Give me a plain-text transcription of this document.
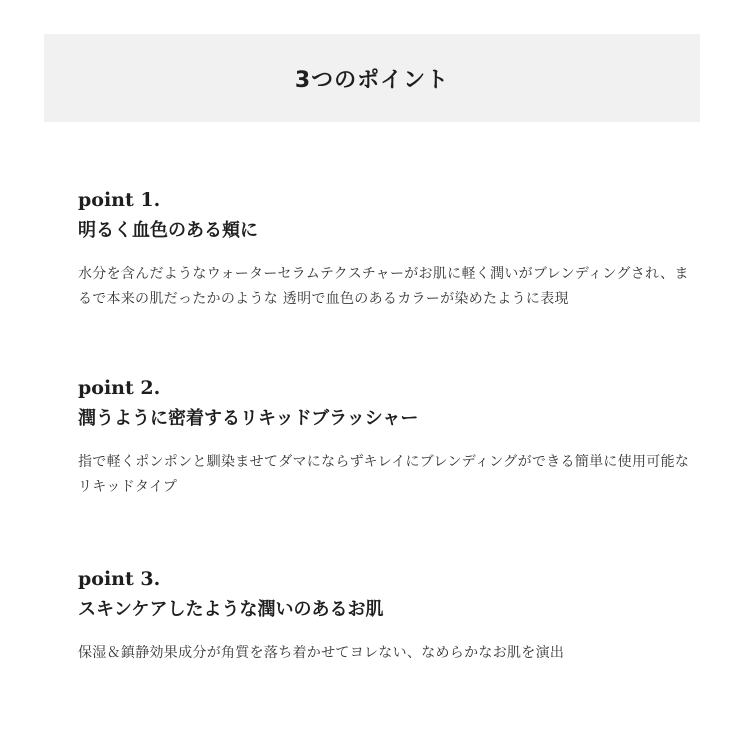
3つのポイント
point 1.
明るく血色のある頬に
水分を含んだようなウォーターセラムテクスチャーがお肌に軽く潤いがブレンディングされ、まるで本来の肌だったかのような 透明で血色のあるカラーが染めたように表現
point 2.
潤うように密着するリキッドブラッシャー
指で軽くポンポンと馴染ませてダマにならずキレイにブレンディングができる簡単に使用可能なリキッドタイプ
point 3.
スキンケアしたような潤いのあるお肌
保湿＆鎮静効果成分が角質を落ち着かせてヨレない、なめらかなお肌を演出
